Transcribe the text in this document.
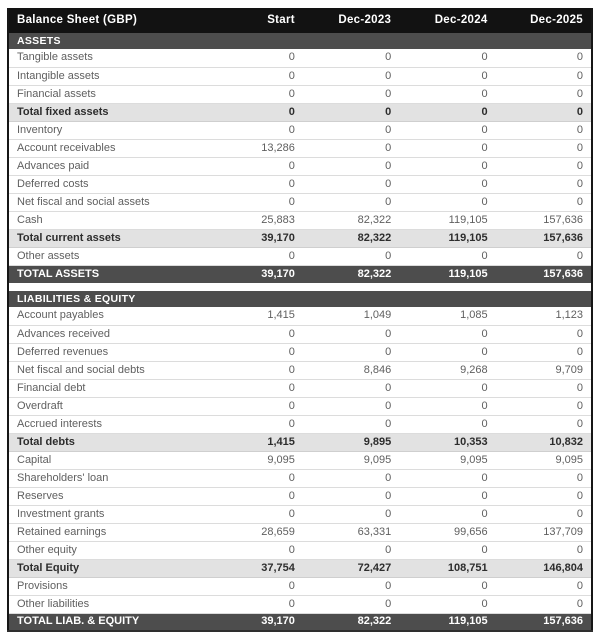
Balance Sheet (GBP)	Start	Dec-2023	Dec-2024	Dec-2025
ASSETS				
Tangible assets	0	0	0	0
Intangible assets	0	0	0	0
Financial assets	0	0	0	0
Total fixed assets	0	0	0	0
Inventory	0	0	0	0
Account receivables	13,286	0	0	0
Advances paid	0	0	0	0
Deferred costs	0	0	0	0
Net fiscal and social assets	0	0	0	0
Cash	25,883	82,322	119,105	157,636
Total current assets	39,170	82,322	119,105	157,636
Other assets	0	0	0	0
TOTAL ASSETS	39,170	82,322	119,105	157,636

LIABILITIES & EQUITY				
Account payables	1,415	1,049	1,085	1,123
Advances received	0	0	0	0
Deferred revenues	0	0	0	0
Net fiscal and social debts	0	8,846	9,268	9,709
Financial debt	0	0	0	0
Overdraft	0	0	0	0
Accrued interests	0	0	0	0
Total debts	1,415	9,895	10,353	10,832
Capital	9,095	9,095	9,095	9,095
Shareholders' loan	0	0	0	0
Reserves	0	0	0	0
Investment grants	0	0	0	0
Retained earnings	28,659	63,331	99,656	137,709
Other equity	0	0	0	0
Total Equity	37,754	72,427	108,751	146,804
Provisions	0	0	0	0
Other liabilities	0	0	0	0
TOTAL LIAB. & EQUITY	39,170	82,322	119,105	157,636
